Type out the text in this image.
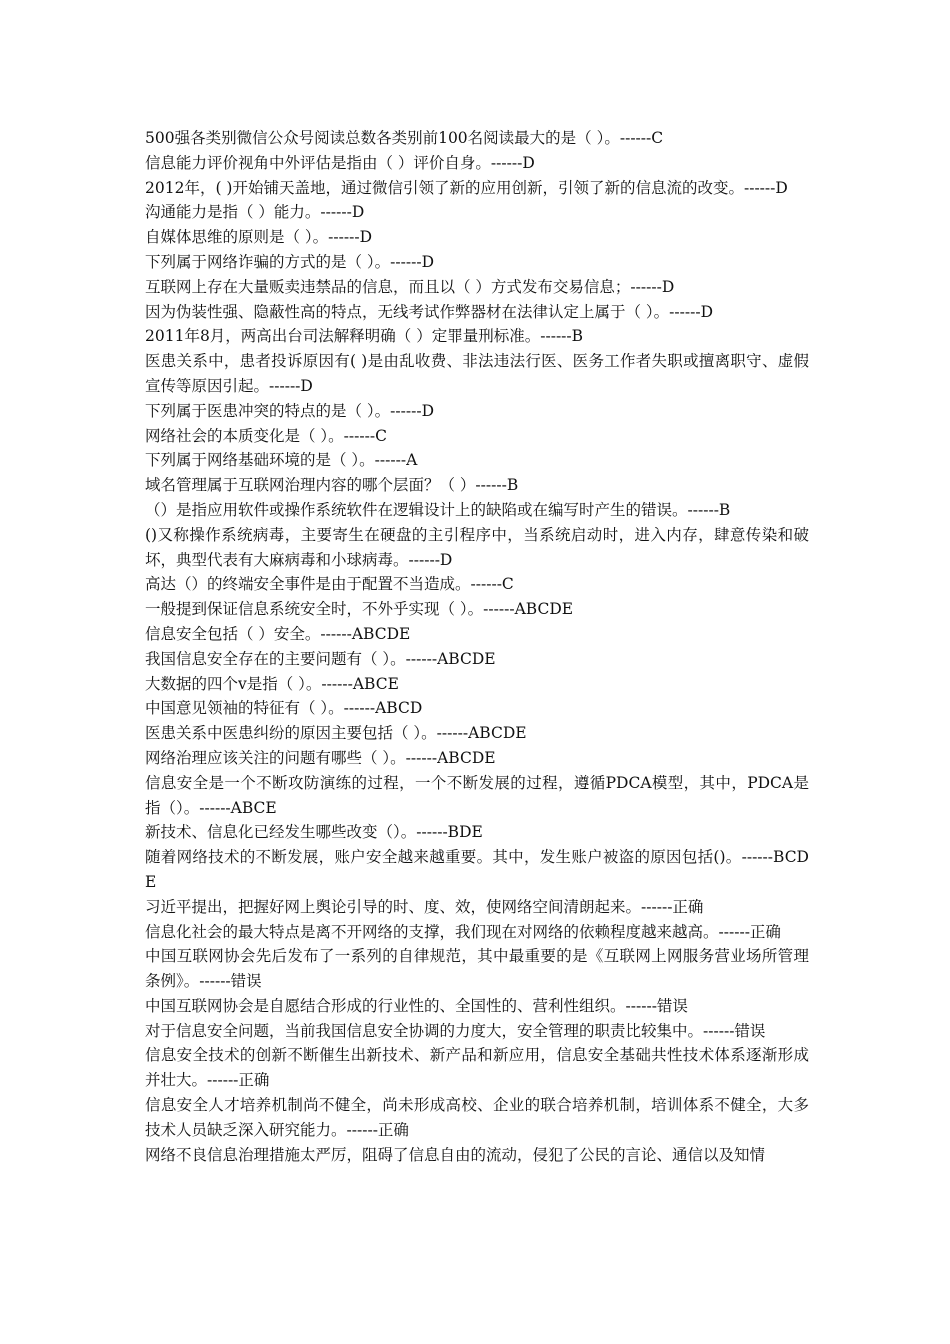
500强各类别微信公众号阅读总数各类别前100名阅读最大的是（ ）。------C

信息能力评价视角中外评估是指由（ ）评价自身。------D

2012年，( )开始铺天盖地，通过微信引领了新的应用创新，引领了新的信息流的改变。------D

沟通能力是指（ ）能力。------D

自媒体思维的原则是（ ）。------D

下列属于网络诈骗的方式的是（ ）。------D

互联网上存在大量贩卖违禁品的信息，而且以（ ）方式发布交易信息；------D

因为伪装性强、隐蔽性高的特点，无线考试作弊器材在法律认定上属于（ ）。------D

2011年8月，两高出台司法解释明确（ ）定罪量刑标准。------B

医患关系中，患者投诉原因有( )是由乱收费、非法违法行医、医务工作者失职或擅离职守、虚假宣传等原因引起。------D

下列属于医患冲突的特点的是（ ）。------D

网络社会的本质变化是（ ）。------C

下列属于网络基础环境的是（ ）。------A

域名管理属于互联网治理内容的哪个层面？（ ）------B

（）是指应用软件或操作系统软件在逻辑设计上的缺陷或在编写时产生的错误。------B

()又称操作系统病毒，主要寄生在硬盘的主引程序中，当系统启动时，进入内存，肆意传染和破坏，典型代表有大麻病毒和小球病毒。------D

高达（）的终端安全事件是由于配置不当造成。------C

一般提到保证信息系统安全时，不外乎实现（ ）。------ABCDE

信息安全包括（ ）安全。------ABCDE

我国信息安全存在的主要问题有（ ）。------ABCDE

大数据的四个v是指（ ）。------ABCE

中国意见领袖的特征有（ ）。------ABCD

医患关系中医患纠纷的原因主要包括（ ）。------ABCDE

网络治理应该关注的问题有哪些（ ）。------ABCDE

信息安全是一个不断攻防演练的过程，一个不断发展的过程，遵循PDCA模型，其中，PDCA是指（）。------ABCE

新技术、信息化已经发生哪些改变（）。------BDE

随着网络技术的不断发展，账户安全越来越重要。其中，发生账户被盗的原因包括()。------BCDE

习近平提出，把握好网上舆论引导的时、度、效，使网络空间清朗起来。------正确

信息化社会的最大特点是离不开网络的支撑，我们现在对网络的依赖程度越来越高。------正确

中国互联网协会先后发布了一系列的自律规范，其中最重要的是《互联网上网服务营业场所管理条例》。------错误

中国互联网协会是自愿结合形成的行业性的、全国性的、营利性组织。------错误

对于信息安全问题，当前我国信息安全协调的力度大，安全管理的职责比较集中。------错误

信息安全技术的创新不断催生出新技术、新产品和新应用，信息安全基础共性技术体系逐渐形成并壮大。------正确

信息安全人才培养机制尚不健全，尚未形成高校、企业的联合培养机制，培训体系不健全，大多技术人员缺乏深入研究能力。------正确

网络不良信息治理措施太严厉，阻碍了信息自由的流动，侵犯了公民的言论、通信以及知情
